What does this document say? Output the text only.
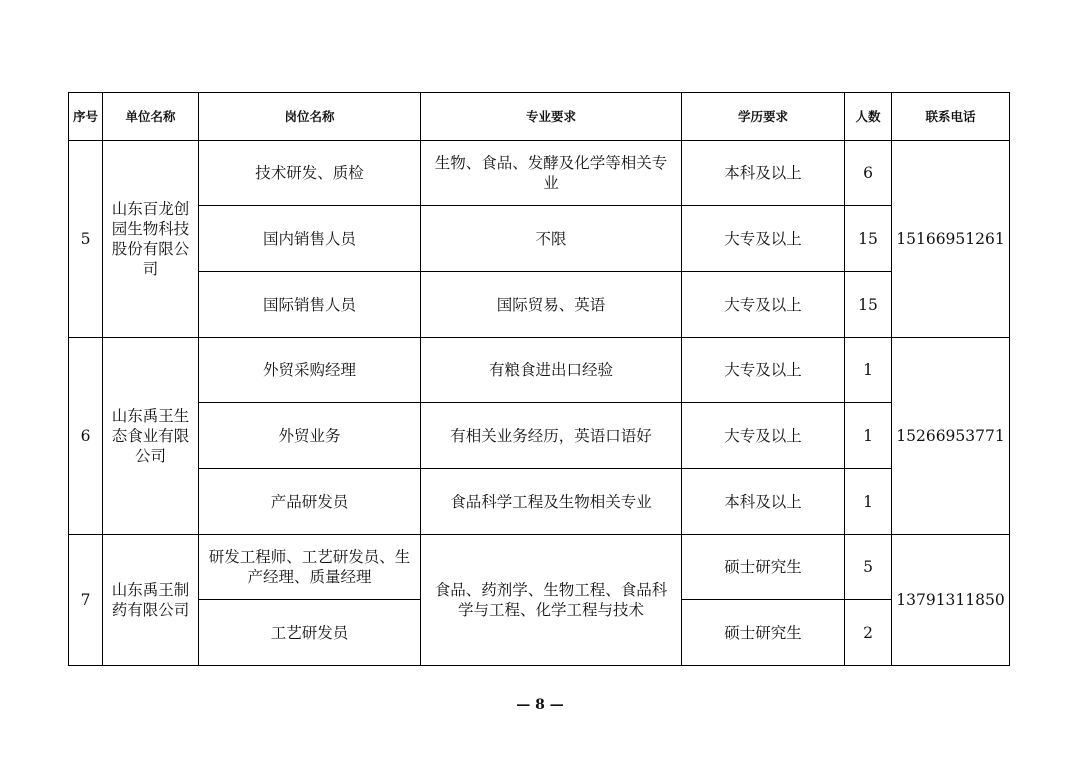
序号	单位名称	岗位名称	专业要求	学历要求	人数	联系电话
5	山东百龙创园生物科技股份有限公司	技术研发、质检	生物、食品、发酵及化学等相关专业	本科及以上	6	15166951261
		国内销售人员	不限	大专及以上	15	
		国际销售人员	国际贸易、英语	大专及以上	15	
6	山东禹王生态食业有限公司	外贸采购经理	有粮食进出口经验	大专及以上	1	15266953771
		外贸业务	有相关业务经历，英语口语好	大专及以上	1	
		产品研发员	食品科学工程及生物相关专业	本科及以上	1	
7	山东禹王制药有限公司	研发工程师、工艺研发员、生产经理、质量经理	食品、药剂学、生物工程、食品科学与工程、化学工程与技术	硕士研究生	5	13791311850
		工艺研发员		硕士研究生	2	
— 8 —
